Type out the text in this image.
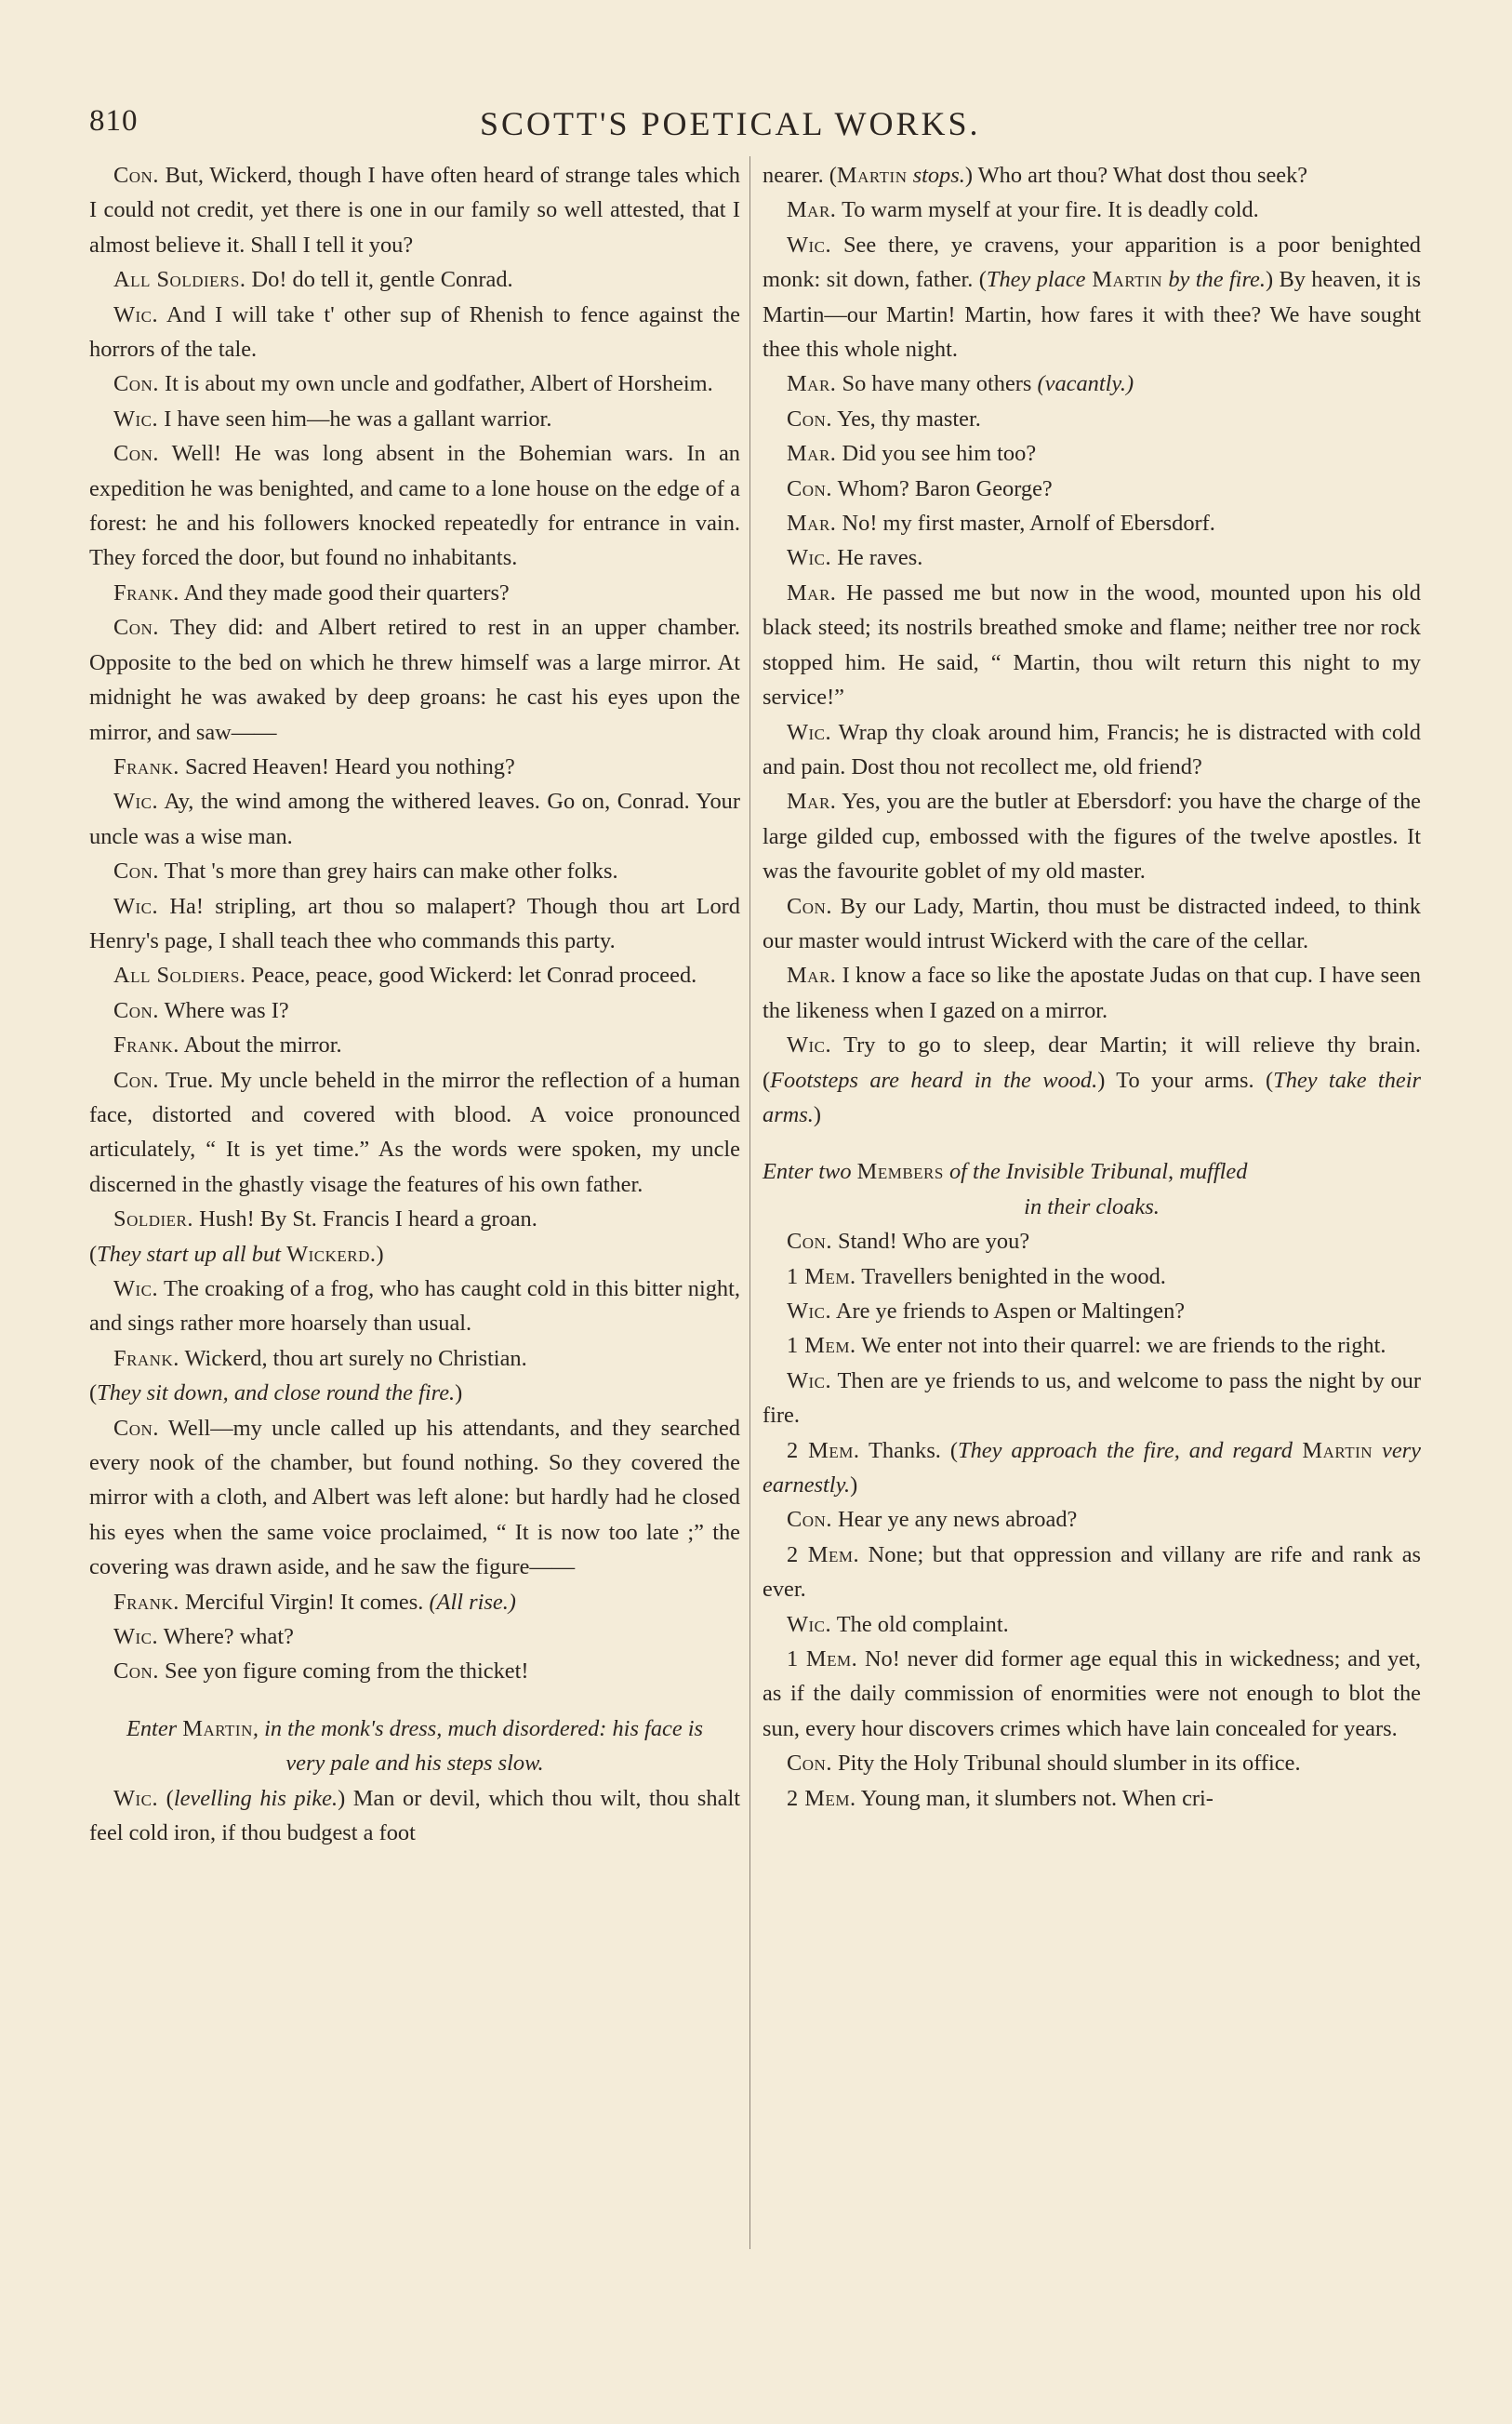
810	SCOTT'S POETICAL WORKS.

Con. But, Wickerd, though I have often heard of strange tales which I could not credit, yet there is one in our family so well attested, that I almost believe it. Shall I tell it you?

All Soldiers. Do! do tell it, gentle Conrad.

Wic. And I will take t' other sup of Rhenish to fence against the horrors of the tale.

Con. It is about my own uncle and godfather, Albert of Horsheim.

Wic. I have seen him—he was a gallant warrior.

Con. Well! He was long absent in the Bohemian wars. In an expedition he was benighted, and came to a lone house on the edge of a forest: he and his followers knocked repeatedly for entrance in vain. They forced the door, but found no inhabitants.

Frank. And they made good their quarters?

Con. They did: and Albert retired to rest in an upper chamber. Opposite to the bed on which he threw himself was a large mirror. At midnight he was awaked by deep groans: he cast his eyes upon the mirror, and saw——

Frank. Sacred Heaven! Heard you nothing?

Wic. Ay, the wind among the withered leaves. Go on, Conrad. Your uncle was a wise man.

Con. That 's more than grey hairs can make other folks.

Wic. Ha! stripling, art thou so malapert? Though thou art Lord Henry's page, I shall teach thee who commands this party.

All Soldiers. Peace, peace, good Wickerd: let Conrad proceed.

Con. Where was I?

Frank. About the mirror.

Con. True. My uncle beheld in the mirror the reflection of a human face, distorted and covered with blood. A voice pronounced articulately, “ It is yet time.” As the words were spoken, my uncle discerned in the ghastly visage the features of his own father.

Soldier. Hush! By St. Francis I heard a groan.

(They start up all but Wickerd.)

Wic. The croaking of a frog, who has caught cold in this bitter night, and sings rather more hoarsely than usual.

Frank. Wickerd, thou art surely no Christian.

(They sit down, and close round the fire.)

Con. Well—my uncle called up his attendants, and they searched every nook of the chamber, but found nothing. So they covered the mirror with a cloth, and Albert was left alone: but hardly had he closed his eyes when the same voice proclaimed, “ It is now too late ;” the covering was drawn aside, and he saw the figure——

Frank. Merciful Virgin! It comes. (All rise.)

Wic. Where? what?

Con. See yon figure coming from the thicket!

Enter Martin, in the monk's dress, much disordered: his face is very pale and his steps slow.

Wic. (levelling his pike.) Man or devil, which thou wilt, thou shalt feel cold iron, if thou budgest a foot

nearer. (Martin stops.) Who art thou? What dost thou seek?

Mar. To warm myself at your fire. It is deadly cold.

Wic. See there, ye cravens, your apparition is a poor benighted monk: sit down, father. (They place Martin by the fire.) By heaven, it is Martin—our Martin! Martin, how fares it with thee? We have sought thee this whole night.

Mar. So have many others (vacantly.)

Con. Yes, thy master.

Mar. Did you see him too?

Con. Whom? Baron George?

Mar. No! my first master, Arnolf of Ebersdorf.

Wic. He raves.

Mar. He passed me but now in the wood, mounted upon his old black steed; its nostrils breathed smoke and flame; neither tree nor rock stopped him. He said, “ Martin, thou wilt return this night to my service!”

Wic. Wrap thy cloak around him, Francis; he is distracted with cold and pain. Dost thou not recollect me, old friend?

Mar. Yes, you are the butler at Ebersdorf: you have the charge of the large gilded cup, embossed with the figures of the twelve apostles. It was the favourite goblet of my old master.

Con. By our Lady, Martin, thou must be distracted indeed, to think our master would intrust Wickerd with the care of the cellar.

Mar. I know a face so like the apostate Judas on that cup. I have seen the likeness when I gazed on a mirror.

Wic. Try to go to sleep, dear Martin; it will relieve thy brain. (Footsteps are heard in the wood.) To your arms. (They take their arms.)

Enter two Members of the Invisible Tribunal, muffled

in their cloaks.

Con. Stand! Who are you?

1 Mem. Travellers benighted in the wood.

Wic. Are ye friends to Aspen or Maltingen?

1 Mem. We enter not into their quarrel: we are friends to the right.

Wic. Then are ye friends to us, and welcome to pass the night by our fire.

2 Mem. Thanks. (They approach the fire, and regard Martin very earnestly.)

Con. Hear ye any news abroad?

2 Mem. None; but that oppression and villany are rife and rank as ever.

Wic. The old complaint.

1 Mem. No! never did former age equal this in wickedness; and yet, as if the daily commission of enormities were not enough to blot the sun, every hour discovers crimes which have lain concealed for years.

Con. Pity the Holy Tribunal should slumber in its office.

2 Mem. Young man, it slumbers not. When cri-
